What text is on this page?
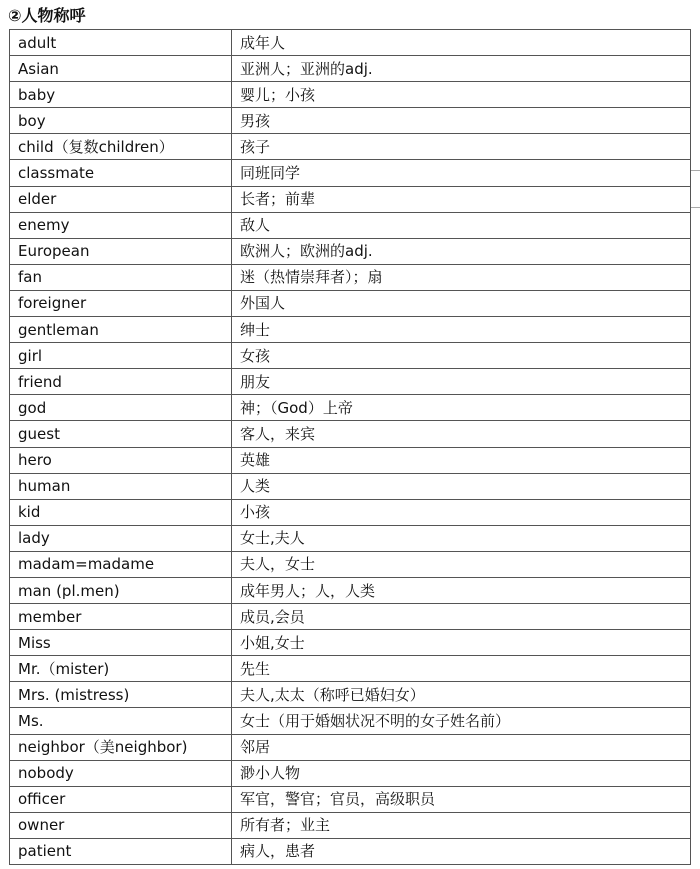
②人物称呼
adult	成年人
Asian	亚洲人；亚洲的adj.
baby	婴儿；小孩
boy	男孩
child（复数children）	孩子
classmate	同班同学
elder	长者；前辈
enemy	敌人
European	欧洲人；欧洲的adj.
fan	迷（热情崇拜者）；扇
foreigner	外国人
gentleman	绅士
girl	女孩
friend	朋友
god	神；（God）上帝
guest	客人，来宾
hero	英雄
human	人类
kid	小孩
lady	女士,夫人
madam=madame	夫人，女士
man (pl.men)	成年男人；人，人类
member	成员,会员
Miss	小姐,女士
Mr.（mister)	先生
Mrs. (mistress)	夫人,太太（称呼已婚妇女）
Ms.	女士（用于婚姻状况不明的女子姓名前）
neighbor（美neighbor)	邻居
nobody	渺小人物
officer	军官，警官；官员，高级职员
owner	所有者；业主
patient	病人，患者
